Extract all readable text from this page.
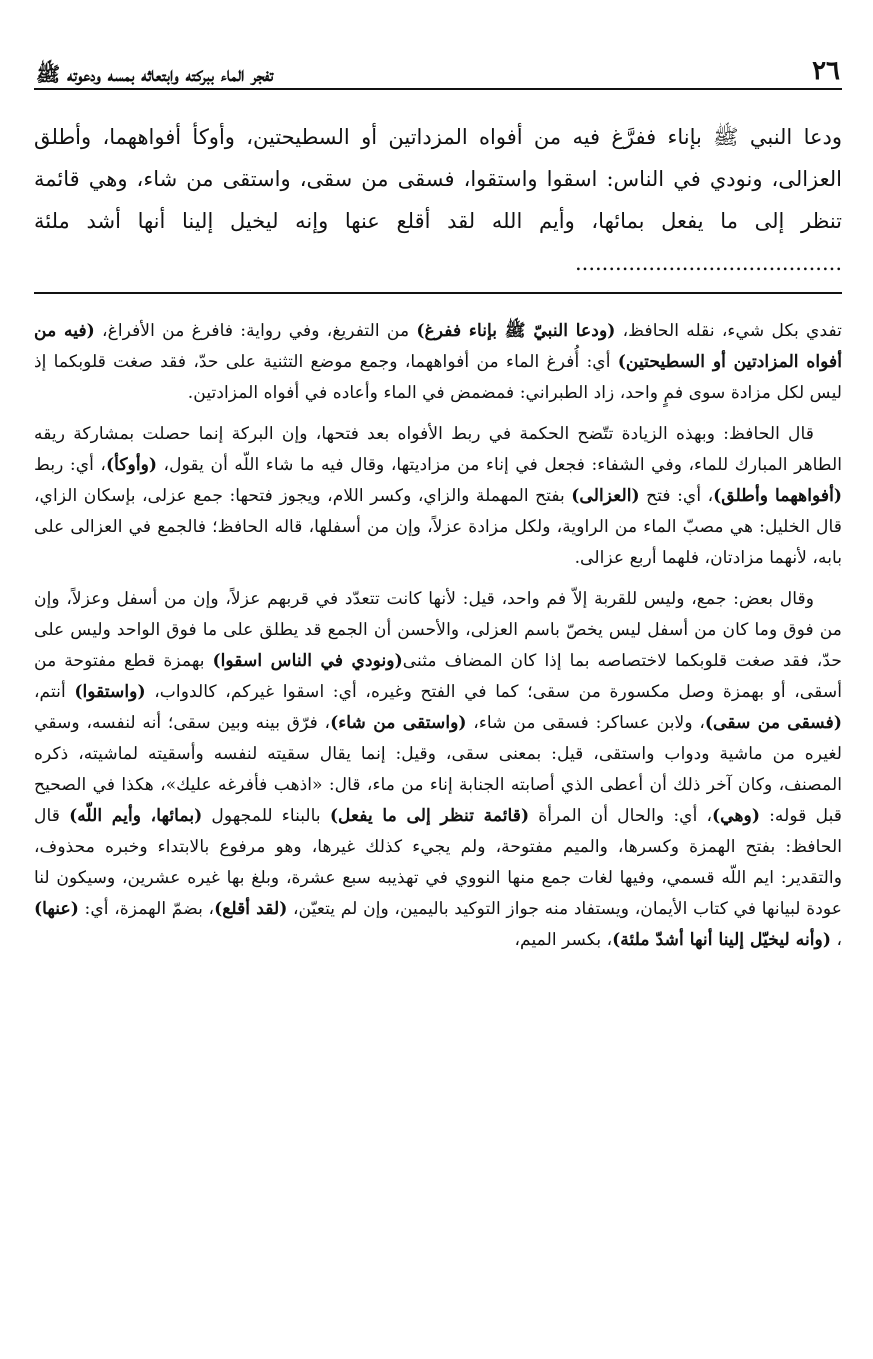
٢٦
تفجر الماء ببركته وابتعاثه بمسه ودعوته ﷺ
ودعا النبي ﷺ بإناء ففرَّغ فيه من أفواه المزداتين أو السطيحتين، وأوكأ أفواههما، وأطلق العزالى، ونودي في الناس: اسقوا واستقوا، فسقى من سقى، واستقى من شاء، وهي قائمة تنظر إلى ما يفعل بمائها، وأيم الله لقد أقلع عنها وإنه ليخيل إلينا أنها أشد ملئة ........................................

تفدي بكل شيء، نقله الحافظ، (ودعا النبيّ ﷺ بإناء ففرغ) من التفريغ، وفي رواية: فافرغ من الأفراغ، (فيه من أفواه المزادتين أو السطيحتين) أي: أُفرغ الماء من أفواههما، وجمع موضع التثنية على حدّ، فقد صغت قلوبكما إذ ليس لكل مزادة سوى فمٍ واحد، زاد الطبراني: فمضمض في الماء وأعاده في أفواه المزادتين.

قال الحافظ: وبهذه الزيادة تتّضح الحكمة في ربط الأفواه بعد فتحها، وإن البركة إنما حصلت بمشاركة ريقه الطاهر المبارك للماء، وفي الشفاء: فجعل في إناء من مزاديتها، وقال فيه ما شاء اللّه أن يقول، (وأوكأ)، أي: ربط (أفواههما وأطلق)، أي: فتح (العزالى) بفتح المهملة والزاي، وكسر اللام، ويجوز فتحها: جمع عزلى، بإسكان الزاي، قال الخليل: هي مصبّ الماء من الراوية، ولكل مزادة عزلاً، وإن من أسفلها، قاله الحافظ؛ فالجمع في العزالى على بابه، لأنهما مزادتان، فلهما أربع عزالى.

وقال بعض: جمع، وليس للقربة إلاّ فم واحد، قيل: لأنها كانت تتعدّد في قربهم عزلاً، وإن من أسفل وعزلاً، وإن من فوق وما كان من أسفل ليس يخصّ باسم العزلى، والأحسن أن الجمع قد يطلق على ما فوق الواحد وليس على حدّ، فقد صغت قلوبكما لاختصاصه بما إذا كان المضاف مثنى(ونودي في الناس اسقوا) بهمزة قطع مفتوحة من أسقى، أو بهمزة وصل مكسورة من سقى؛ كما في الفتح وغيره، أي: اسقوا غيركم، كالدواب، (واستقوا) أنتم، (فسقى من سقى)، ولابن عساكر: فسقى من شاء، (واستقى من شاء)، فرّق بينه وبين سقى؛ أنه لنفسه، وسقي لغيره من ماشية ودواب واستقى، قيل: بمعنى سقى، وقيل: إنما يقال سقيته لنفسه وأسقيته لماشيته، ذكره المصنف، وكان آخر ذلك أن أعطى الذي أصابته الجنابة إناء من ماء، قال: «اذهب فأفرغه عليك»، هكذا في الصحيح قبل قوله: (وهي)، أي: والحال أن المرأة (قائمة تنظر إلى ما يفعل) بالبناء للمجهول (بمائها، وأيم اللّه) قال الحافظ: بفتح الهمزة وكسرها، والميم مفتوحة، ولم يجيء كذلك غيرها، وهو مرفوع بالابتداء وخبره محذوف، والتقدير: ايم اللّه قسمي، وفيها لغات جمع منها النووي في تهذيبه سبع عشرة، وبلغ بها غيره عشرين، وسيكون لنا عودة لبيانها في كتاب الأيمان، ويستفاد منه جواز التوكيد باليمين، وإن لم يتعيّن، (لقد أقلع)، بضمّ الهمزة، أي: (عنها) ، (وأنه ليخيّل إلينا أنها أشدّ ملئة)، بكسر الميم،
